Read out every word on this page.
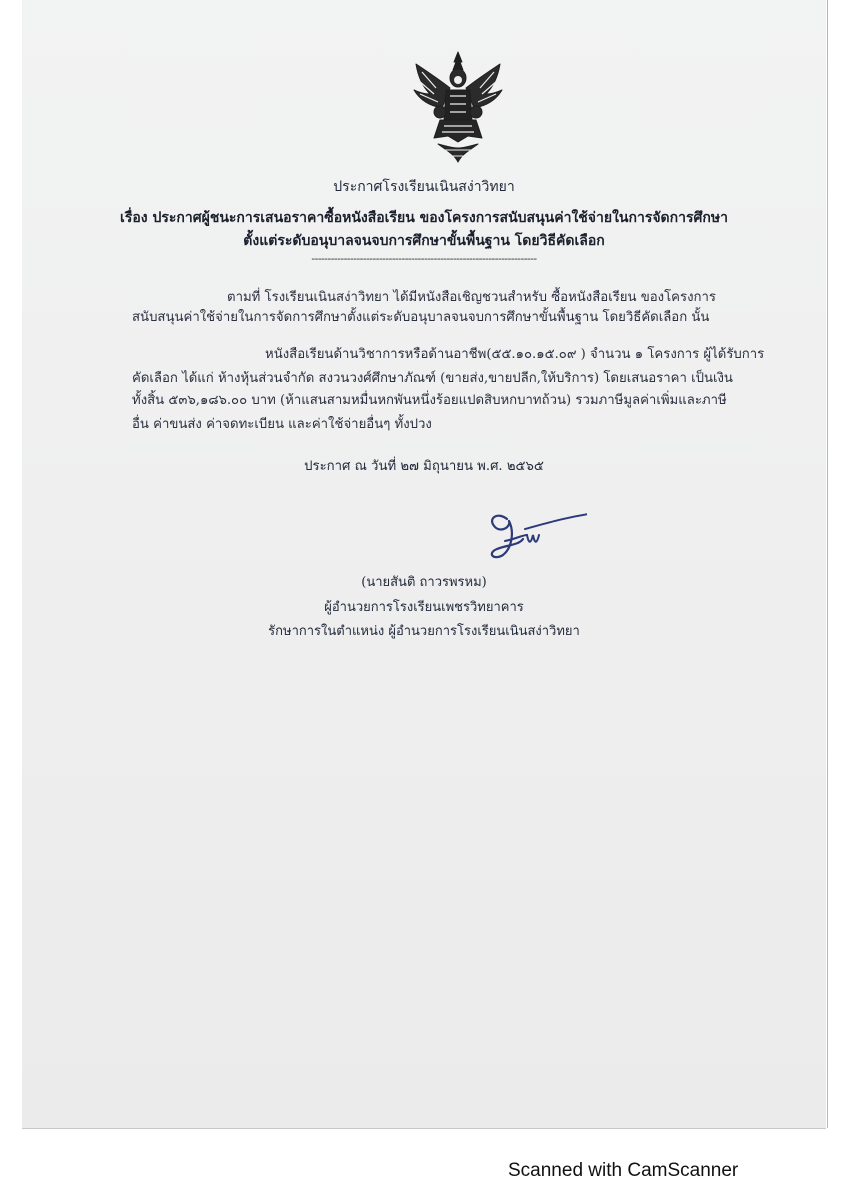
ประกาศโรงเรียนเนินสง่าวิทยา
เรื่อง ประกาศผู้ชนะการเสนอราคาซื้อหนังสือเรียน ของโครงการสนับสนุนค่าใช้จ่ายในการจัดการศึกษา
ตั้งแต่ระดับอนุบาลจนจบการศึกษาขั้นพื้นฐาน โดยวิธีคัดเลือก
----------------------------------------------------------------------
ตามที่ โรงเรียนเนินสง่าวิทยา ได้มีหนังสือเชิญชวนสำหรับ ซื้อหนังสือเรียน ของโครงการ
สนับสนุนค่าใช้จ่ายในการจัดการศึกษาตั้งแต่ระดับอนุบาลจนจบการศึกษาขั้นพื้นฐาน โดยวิธีคัดเลือก นั้น
หนังสือเรียนด้านวิชาการหรือด้านอาชีพ(๕๕.๑๐.๑๕.๐๙ ) จำนวน ๑ โครงการ ผู้ได้รับการ
คัดเลือก ได้แก่ ห้างหุ้นส่วนจำกัด สงวนวงศ์ศึกษาภัณฑ์ (ขายส่ง,ขายปลีก,ให้บริการ) โดยเสนอราคา เป็นเงิน
ทั้งสิ้น ๕๓๖,๑๘๖.๐๐ บาท (ห้าแสนสามหมื่นหกพันหนึ่งร้อยแปดสิบหกบาทถ้วน) รวมภาษีมูลค่าเพิ่มและภาษี
อื่น ค่าขนส่ง ค่าจดทะเบียน และค่าใช้จ่ายอื่นๆ ทั้งปวง
ประกาศ ณ วันที่ ๒๗ มิถุนายน พ.ศ. ๒๕๖๕
(นายสันติ ถาวรพรหม)
ผู้อำนวยการโรงเรียนเพชรวิทยาคาร
รักษาการในตำแหน่ง ผู้อำนวยการโรงเรียนเนินสง่าวิทยา
Scanned with CamScanner
